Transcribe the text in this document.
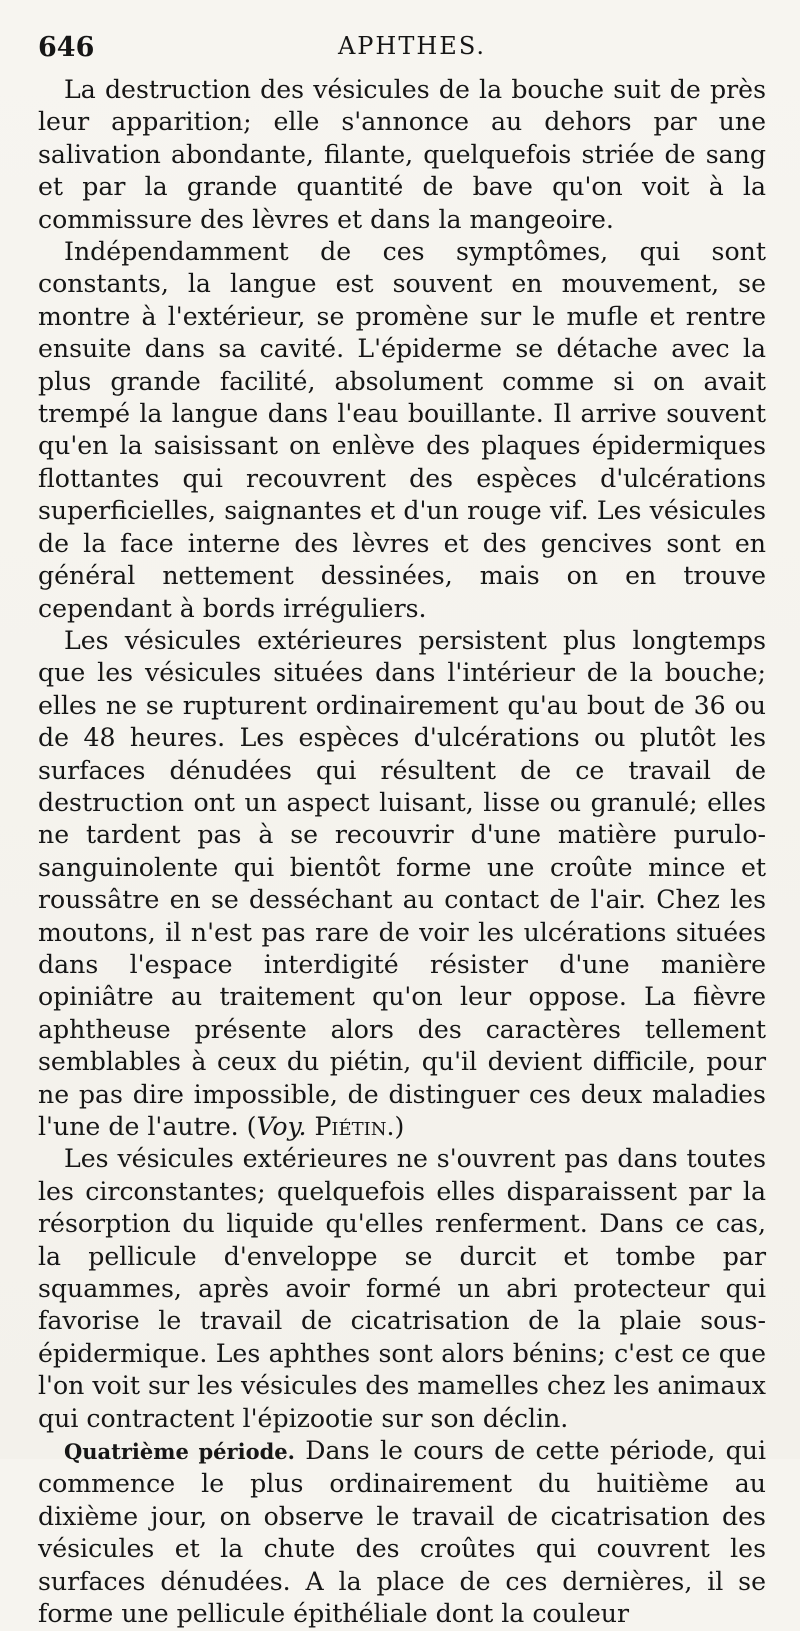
646	APHTHES.

La destruction des vésicules de la bouche suit de près leur apparition; elle s'annonce au dehors par une salivation abondante, filante, quelquefois striée de sang et par la grande quantité de bave qu'on voit à la commissure des lèvres et dans la mangeoire.

Indépendamment de ces symptômes, qui sont constants, la langue est souvent en mouvement, se montre à l'extérieur, se promène sur le mufle et rentre ensuite dans sa cavité. L'épiderme se détache avec la plus grande facilité, absolument comme si on avait trempé la langue dans l'eau bouillante. Il arrive souvent qu'en la saisissant on enlève des plaques épidermiques flottantes qui recouvrent des espèces d'ulcérations superficielles, saignantes et d'un rouge vif. Les vésicules de la face interne des lèvres et des gencives sont en général nettement dessinées, mais on en trouve cependant à bords irréguliers.

Les vésicules extérieures persistent plus longtemps que les vésicules situées dans l'intérieur de la bouche; elles ne se rupturent ordinairement qu'au bout de 36 ou de 48 heures. Les espèces d'ulcérations ou plutôt les surfaces dénudées qui résultent de ce travail de destruction ont un aspect luisant, lisse ou granulé; elles ne tardent pas à se recouvrir d'une matière purulo-sanguinolente qui bientôt forme une croûte mince et roussâtre en se desséchant au contact de l'air. Chez les moutons, il n'est pas rare de voir les ulcérations situées dans l'espace interdigité résister d'une manière opiniâtre au traitement qu'on leur oppose. La fièvre aphtheuse présente alors des caractères tellement semblables à ceux du piétin, qu'il devient difficile, pour ne pas dire impossible, de distinguer ces deux maladies l'une de l'autre. (Voy. Piétin.)

Les vésicules extérieures ne s'ouvrent pas dans toutes les circonstantes; quelquefois elles disparaissent par la résorption du liquide qu'elles renferment. Dans ce cas, la pellicule d'enveloppe se durcit et tombe par squammes, après avoir formé un abri protecteur qui favorise le travail de cicatrisation de la plaie sous-épidermique. Les aphthes sont alors bénins; c'est ce que l'on voit sur les vésicules des mamelles chez les animaux qui contractent l'épizootie sur son déclin.

Quatrième période. Dans le cours de cette période, qui commence le plus ordinairement du huitième au dixième jour, on observe le travail de cicatrisation des vésicules et la chute des croûtes qui couvrent les surfaces dénudées. A la place de ces dernières, il se forme une pellicule épithéliale dont la couleur
